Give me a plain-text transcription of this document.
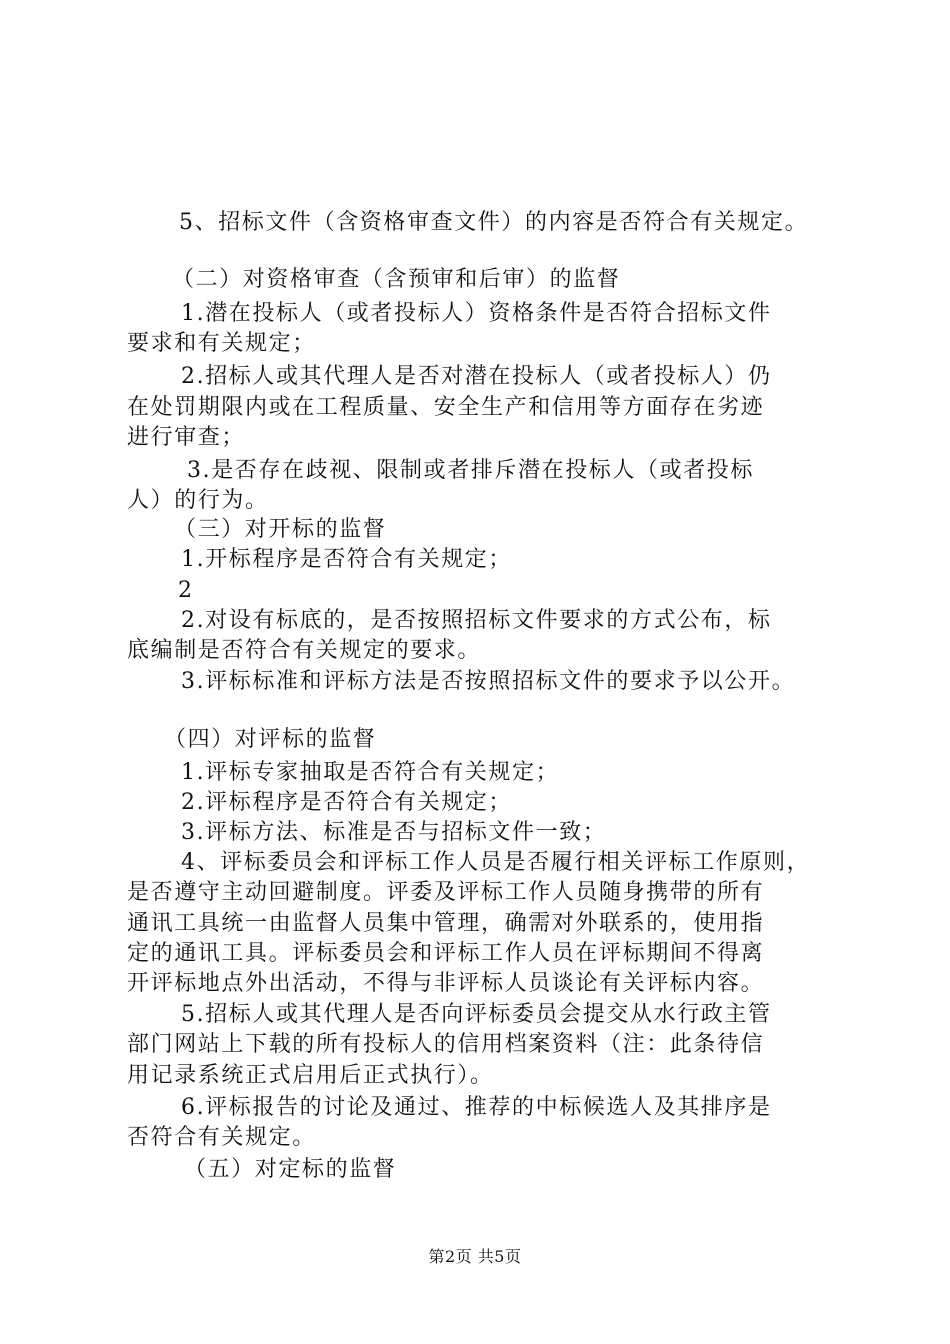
5、招标文件（含资格审查文件）的内容是否符合有关规定。
（二）对资格审查（含预审和后审）的监督
1.潜在投标人（或者投标人）资格条件是否符合招标文件
要求和有关规定；
2.招标人或其代理人是否对潜在投标人（或者投标人）仍
在处罚期限内或在工程质量、安全生产和信用等方面存在劣迹
进行审查；
3.是否存在歧视、限制或者排斥潜在投标人（或者投标
人）的行为。
（三）对开标的监督
1.开标程序是否符合有关规定；
2
2.对设有标底的，是否按照招标文件要求的方式公布，标
底编制是否符合有关规定的要求。
3.评标标准和评标方法是否按照招标文件的要求予以公开。
（四）对评标的监督
1.评标专家抽取是否符合有关规定；
2.评标程序是否符合有关规定；
3.评标方法、标准是否与招标文件一致；
4、评标委员会和评标工作人员是否履行相关评标工作原则，
是否遵守主动回避制度。评委及评标工作人员随身携带的所有
通讯工具统一由监督人员集中管理，确需对外联系的，使用指
定的通讯工具。评标委员会和评标工作人员在评标期间不得离
开评标地点外出活动，不得与非评标人员谈论有关评标内容。
5.招标人或其代理人是否向评标委员会提交从水行政主管
部门网站上下载的所有投标人的信用档案资料（注：此条待信
用记录系统正式启用后正式执行）。
6.评标报告的讨论及通过、推荐的中标候选人及其排序是
否符合有关规定。
（五）对定标的监督
第2页 共5页
